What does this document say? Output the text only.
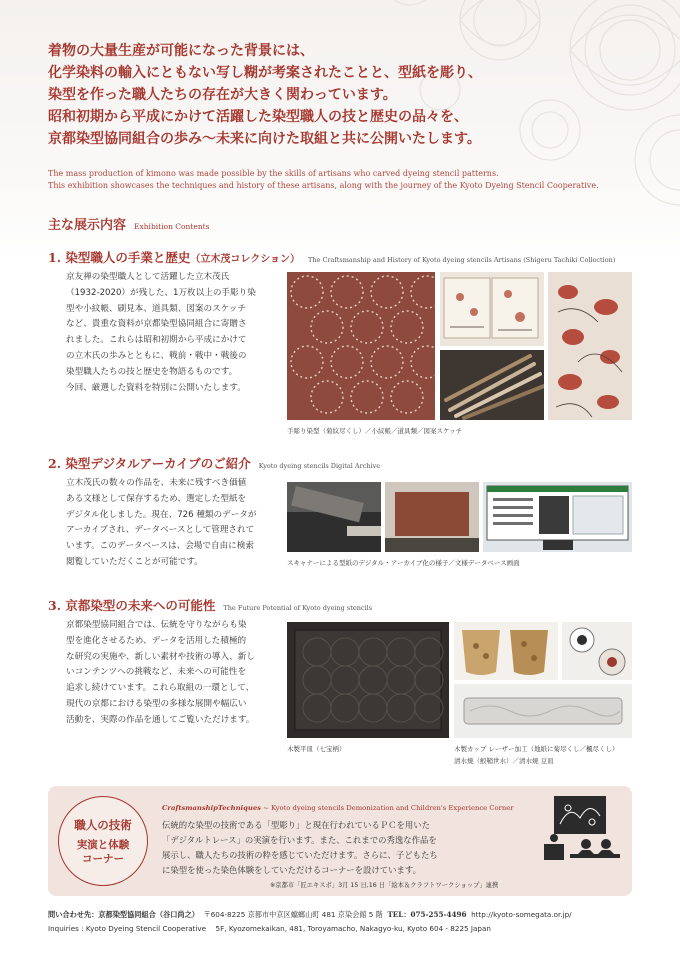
着物の大量生産が可能になった背景には、
化学染料の輸入にともない写し糊が考案されたことと、型紙を彫り、
染型を作った職人たちの存在が大きく関わっています。
昭和初期から平成にかけて活躍した染型職人の技と歴史の品々を、
京都染型協同組合の歩み～未来に向けた取組と共に公開いたします。
The mass production of kimono was made possible by the skills of artisans who carved dyeing stencil patterns.
This exhibition showcases the techniques and history of these artisans, along with the journey of the Kyoto Dyeing Stencil Cooperative.
主な展示内容 Exhibition Contents
1. 染型職人の手業と歴史（立木茂コレクション） The Craftsmanship and History of Kyoto dyeing stencils Artisans (Shigeru Tachiki Collection)
京友禅の染型職人として活躍した立木茂氏
（1932-2020）が残した、1万枚以上の手彫り染
型や小紋帳、刷見本、道具類、図案のスケッチ
など、貴重な資料が京都染型協同組合に寄贈さ
れました。これらは昭和初期から平成にかけて
の立木氏の歩みとともに、戦前・戦中・戦後の
染型職人たちの技と歴史を物語るものです。
今回、厳選した資料を特別に公開いたします。
手彫り染型（菊紋尽くし）／小紋帳／道具類／図案スケッチ
2. 染型デジタルアーカイブのご紹介 Kyoto dyeing stencils Digital Archive
立木茂氏の数々の作品を、未来に残すべき価値
ある文様として保存するため、選定した型紙を
デジタル化しました。現在、726 種類のデータが
アーカイブされ、データベースとして管理されて
います。このデータベースは、会場で自由に検索
閲覧していただくことが可能です。	スキャナーによる型紙のデジタル・アーカイブ化の様子／文様データベース画面
3. 京都染型の未来への可能性 The Future Potential of Kyoto dyeing stencils
京都染型協同組合では、伝統を守りながらも染
型を進化させるため、データを活用した積極的
な研究の実施や、新しい素材や技術の導入、新し
いコンテンツへの挑戦など、未来への可能性を
追求し続けています。これら取組の一環として、
現代の京都における染型の多様な展開や幅広い
活動を、実際の作品を通してご覧いただけます。
木製平皿（七宝柄）	木製カップ レーザー加工（地紙に菊尽くし／楓尽くし）
清水焼（鮫鞘世水）／清水焼 豆皿
職人の技術
実演と体験
コーナー
CraftsmanshipTechniques ~ Kyoto dyeing stencils Demonization and Children's Experience Corner
伝統的な染型の技術である「型彫り」と現在行われているＰＣを用いた
「デジタルトレース」の実演を行います。また、これまでの秀逸な作品を
展示し、職人たちの技術の粋を感じていただけます。さらに、子どもたち
に染型を使った染色体験をしていただけるコーナーを設けています。
※京都市「匠エキスポ」3月 15 日,16 日「絵本＆クラフトワークショップ」連携
問い合わせ先：京都染型協同組合（谷口尚之） 〒604-8225 京都市中京区蟷螂山町 481 京染会館 5 階 TEL：075-255-4496 http://kyoto-somegata.or.jp/
Inquiries : Kyoto Dyeing Stencil Cooperative　 5F, Kyozomekaikan, 481, Toroyamacho, Nakagyo-ku, Kyoto 604 - 8225 Japan
